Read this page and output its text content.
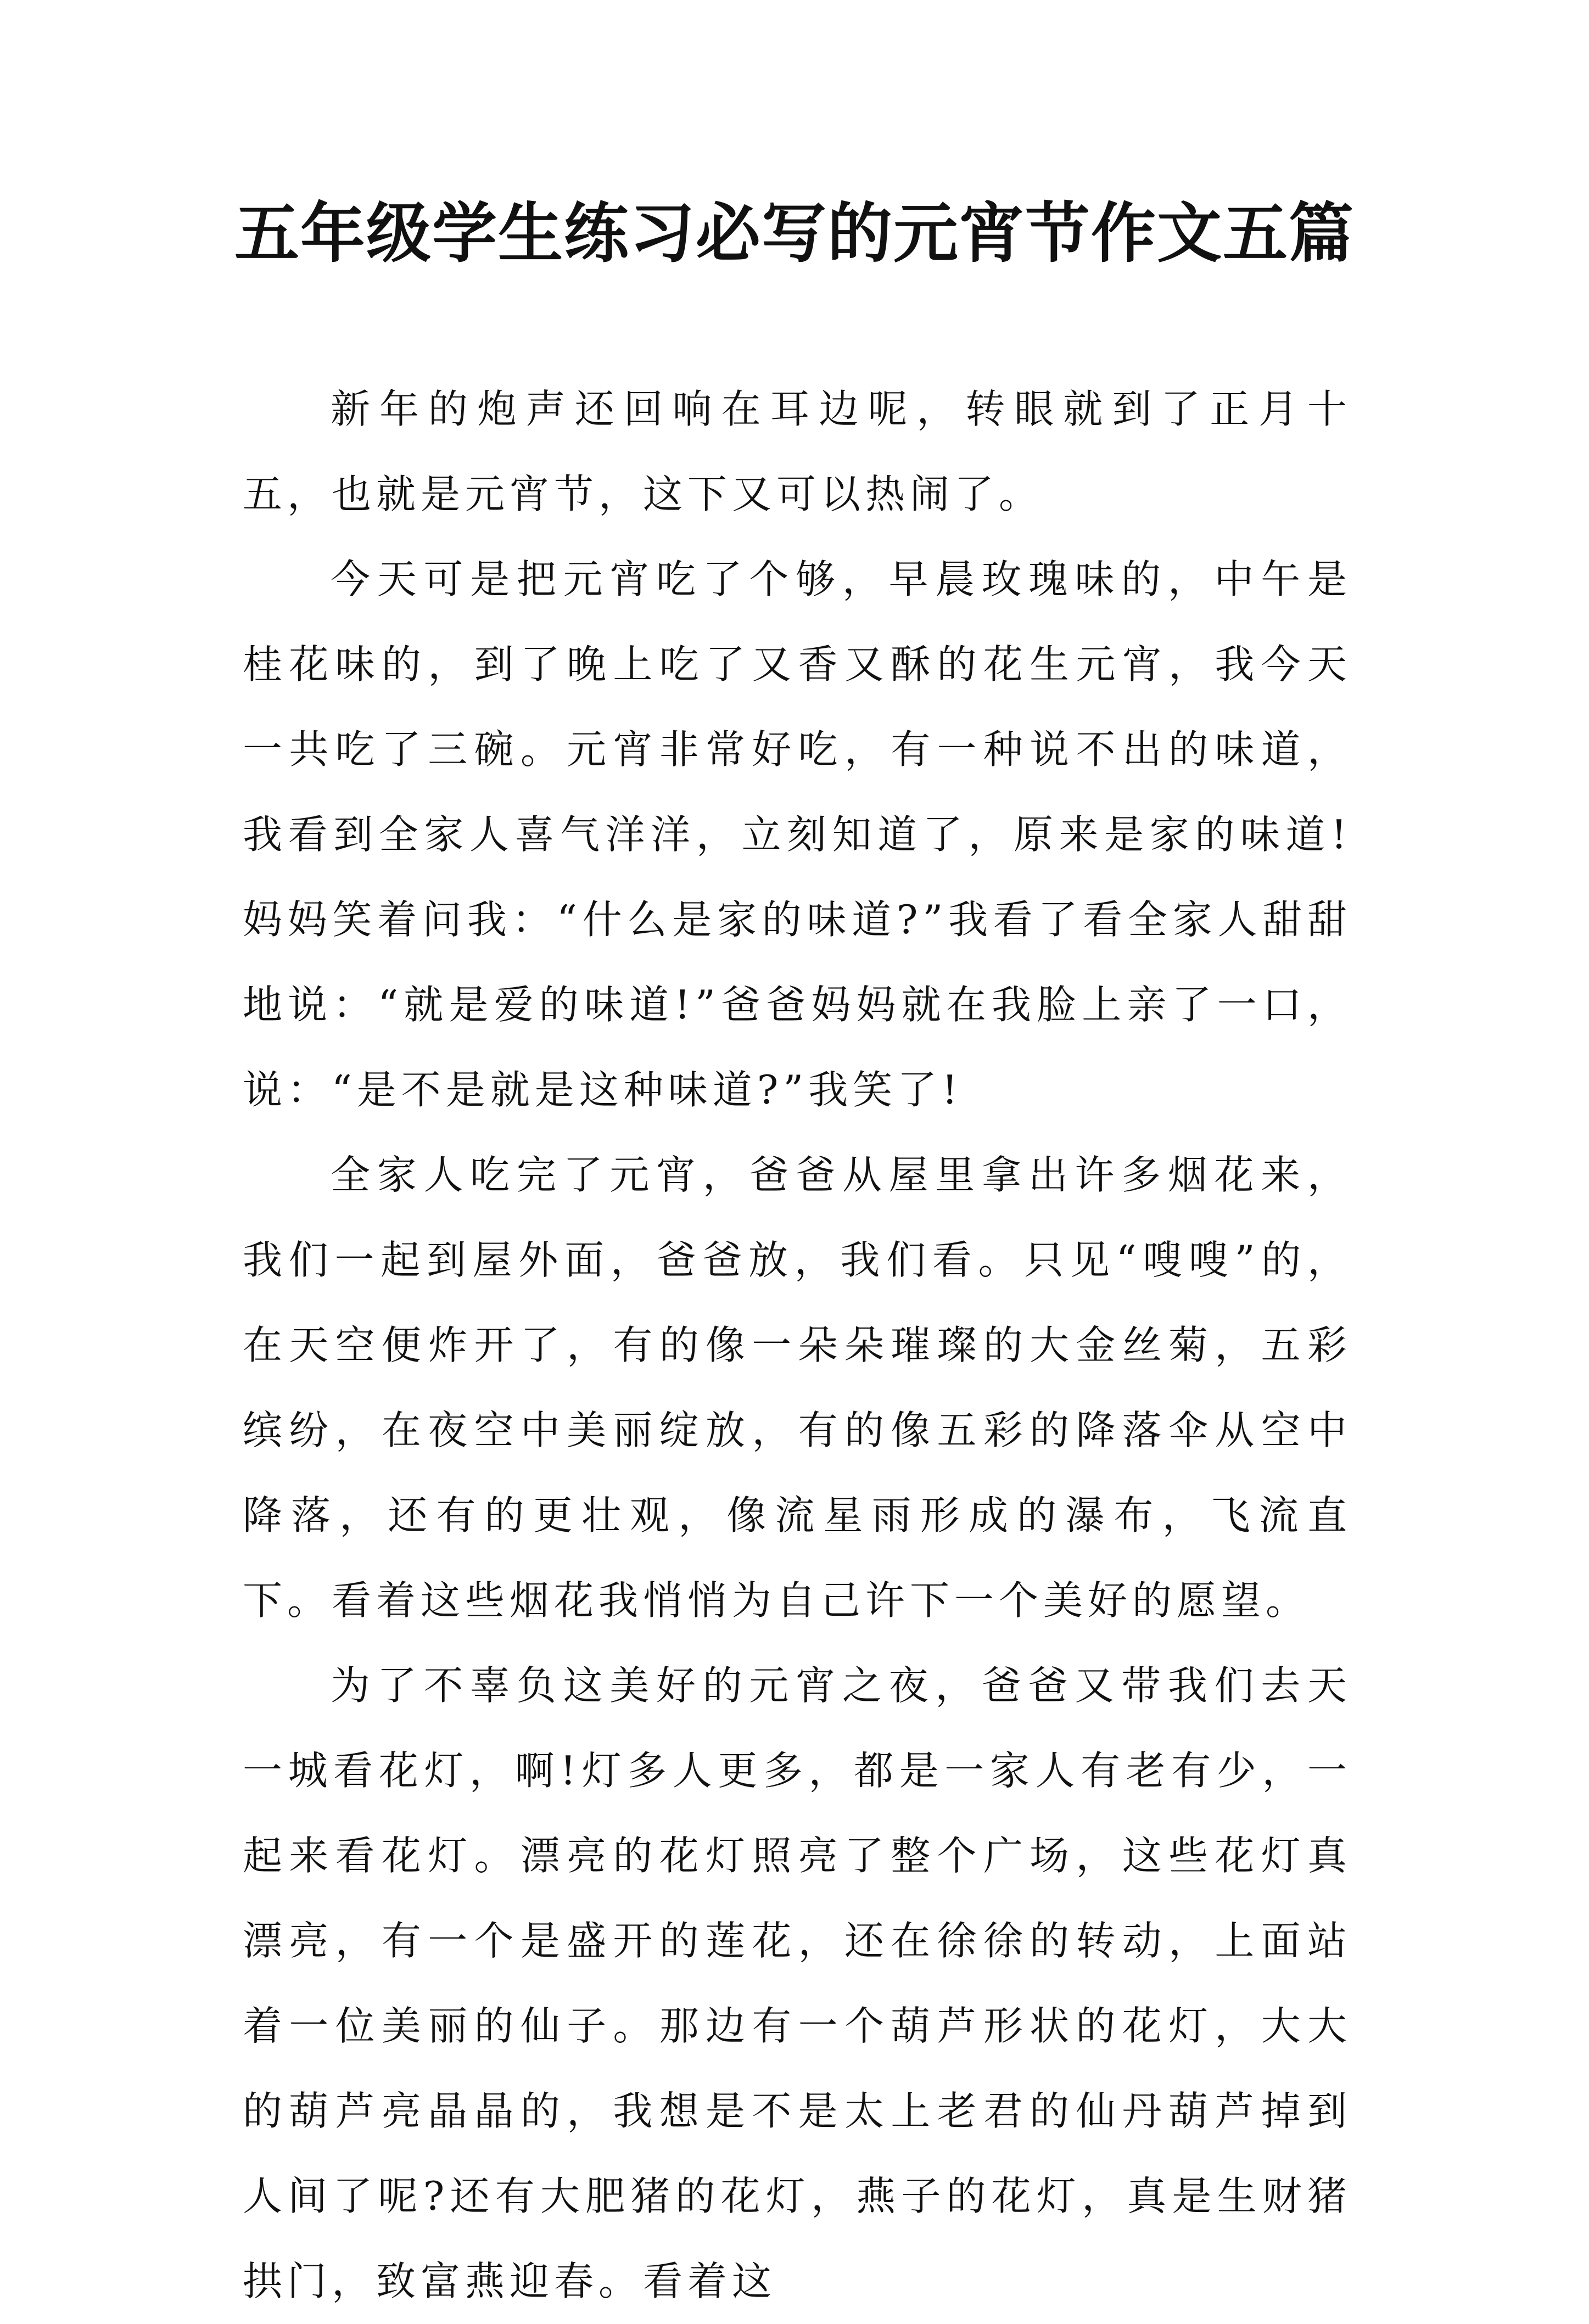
五年级学生练习必写的元宵节作文五篇

新年的炮声还回响在耳边呢，转眼就到了正月十五，也就是元宵节，这下又可以热闹了。

今天可是把元宵吃了个够，早晨玫瑰味的，中午是桂花味的，到了晚上吃了又香又酥的花生元宵，我今天一共吃了三碗。元宵非常好吃，有一种说不出的味道，我看到全家人喜气洋洋，立刻知道了，原来是家的味道!妈妈笑着问我：“什么是家的味道?”我看了看全家人甜甜地说：“就是爱的味道!”爸爸妈妈就在我脸上亲了一口，说：“是不是就是这种味道?”我笑了!

全家人吃完了元宵，爸爸从屋里拿出许多烟花来，我们一起到屋外面，爸爸放，我们看。只见“嗖嗖”的，在天空便炸开了，有的像一朵朵璀璨的大金丝菊，五彩缤纷，在夜空中美丽绽放，有的像五彩的降落伞从空中降落，还有的更壮观，像流星雨形成的瀑布，飞流直下。看着这些烟花我悄悄为自己许下一个美好的愿望。

为了不辜负这美好的元宵之夜，爸爸又带我们去天一城看花灯，啊!灯多人更多，都是一家人有老有少，一起来看花灯。漂亮的花灯照亮了整个广场，这些花灯真漂亮，有一个是盛开的莲花，还在徐徐的转动，上面站着一位美丽的仙子。那边有一个葫芦形状的花灯，大大的葫芦亮晶晶的，我想是不是太上老君的仙丹葫芦掉到人间了呢?还有大肥猪的花灯，燕子的花灯，真是生财猪拱门，致富燕迎春。看着这
